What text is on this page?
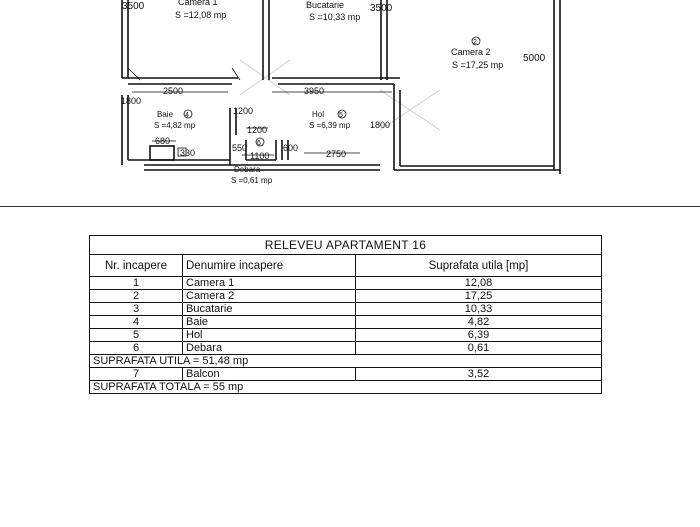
Camera 1
S =12,08 mp
Bucatarie
S =10,33 mp
2
Camera 2
S =17,25 mp
Baie 4
S =4,82 mp
Hol 5
S =6,39 mp
6
Debara
S =0,61 mp
3500	3500
5000
2500	3950
1800
1200
1200	1800
680
330	550
1100
600
2750
RELEVEU APARTAMENT 16		
Nr. incapere	Denumire incapere	Suprafata utila [mp]
1	Camera 1	12,08
2	Camera 2	17,25
3	Bucatarie	10,33
4	Baie	4,82
5	Hol	6,39
6	Debara	0,61
SUPRAFATA UTILA = 51,48 mp		
7	Balcon	3,52
SUPRAFATA TOTALA = 55 mp		
